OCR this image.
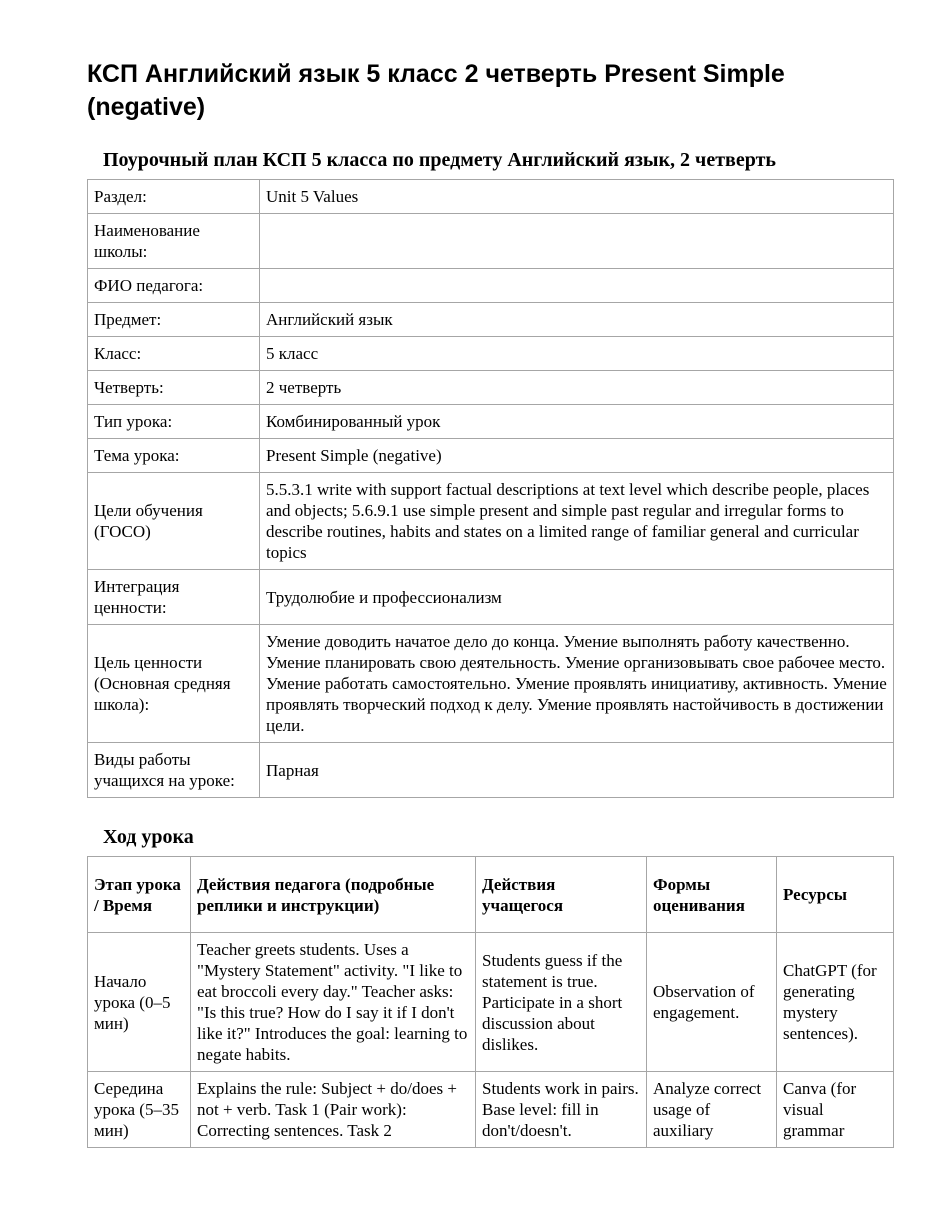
КСП Английский язык 5 класс 2 четверть Present Simple (negative)
Поурочный план КСП 5 класса по предмету Английский язык, 2 четверть
Раздел:	Unit 5 Values
Наименование школы:	
ФИО педагога:	
Предмет:	Английский язык
Класс:	5 класс
Четверть:	2 четверть
Тип урока:	Комбинированный урок
Тема урока:	Present Simple (negative)
Цели обучения (ГОСО)	5.5.3.1 write with support factual descriptions at text level which describe people, places and objects; 5.6.9.1 use simple present and simple past regular and irregular forms to describe routines, habits and states on a limited range of familiar general and curricular topics
Интеграция ценности:	Трудолюбие и профессионализм
Цель ценности (Основная средняя школа):	Умение доводить начатое дело до конца. Умение выполнять работу качественно. Умение планировать свою деятельность. Умение организовывать свое рабочее место. Умение работать самостоятельно. Умение проявлять инициативу, активность. Умение проявлять творческий подход к делу. Умение проявлять настойчивость в достижении цели.
Виды работы учащихся на уроке:	Парная
Ход урока
Этап урока / Время	Действия педагога (подробные реплики и инструкции)	Действия учащегося	Формы оценивания	Ресурсы
Начало урока (0–5 мин)	Teacher greets students. Uses a "Mystery Statement" activity. "I like to eat broccoli every day." Teacher asks: "Is this true? How do I say it if I don't like it?" Introduces the goal: learning to negate habits.	Students guess if the statement is true. Participate in a short discussion about dislikes.	Observation of engagement.	ChatGPT (for generating mystery sentences).
Середина урока (5–35 мин)	Explains the rule: Subject + do/does + not + verb. Task 1 (Pair work): Correcting sentences. Task 2	Students work in pairs. Base level: fill in don't/doesn't.	Analyze correct usage of auxiliary	Canva (for visual grammar
